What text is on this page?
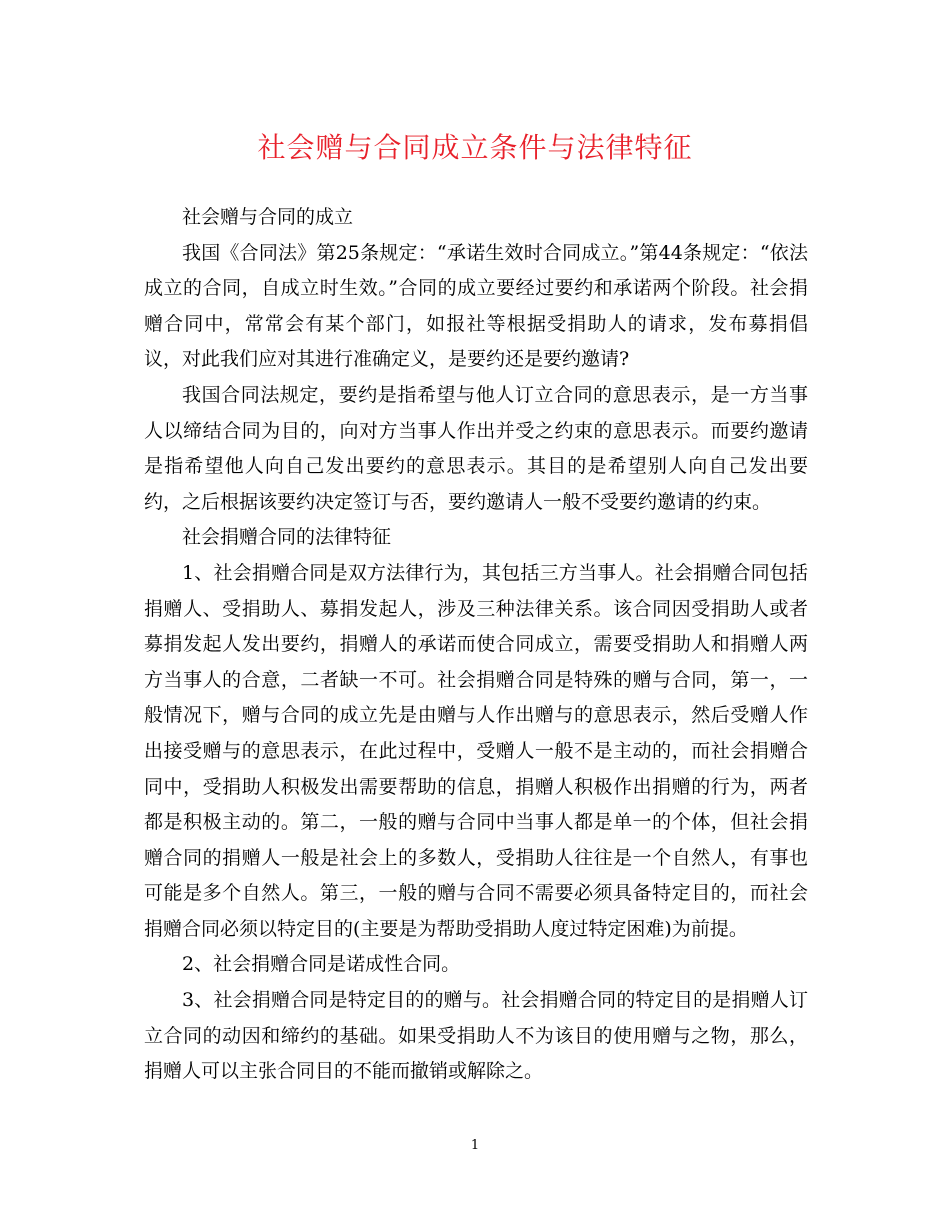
社会赠与合同成立条件与法律特征

社会赠与合同的成立

我国《合同法》第25条规定：“承诺生效时合同成立。”第44条规定：“依法成立的合同，自成立时生效。”合同的成立要经过要约和承诺两个阶段。社会捐赠合同中，常常会有某个部门，如报社等根据受捐助人的请求，发布募捐倡议，对此我们应对其进行准确定义，是要约还是要约邀请?

我国合同法规定，要约是指希望与他人订立合同的意思表示，是一方当事人以缔结合同为目的，向对方当事人作出并受之约束的意思表示。而要约邀请是指希望他人向自己发出要约的意思表示。其目的是希望别人向自己发出要约，之后根据该要约决定签订与否，要约邀请人一般不受要约邀请的约束。

社会捐赠合同的法律特征

1、社会捐赠合同是双方法律行为，其包括三方当事人。社会捐赠合同包括捐赠人、受捐助人、募捐发起人，涉及三种法律关系。该合同因受捐助人或者募捐发起人发出要约，捐赠人的承诺而使合同成立，需要受捐助人和捐赠人两方当事人的合意，二者缺一不可。社会捐赠合同是特殊的赠与合同，第一，一般情况下，赠与合同的成立先是由赠与人作出赠与的意思表示，然后受赠人作出接受赠与的意思表示，在此过程中，受赠人一般不是主动的，而社会捐赠合同中，受捐助人积极发出需要帮助的信息，捐赠人积极作出捐赠的行为，两者都是积极主动的。第二，一般的赠与合同中当事人都是单一的个体，但社会捐赠合同的捐赠人一般是社会上的多数人，受捐助人往往是一个自然人，有事也可能是多个自然人。第三，一般的赠与合同不需要必须具备特定目的，而社会捐赠合同必须以特定目的(主要是为帮助受捐助人度过特定困难)为前提。

2、社会捐赠合同是诺成性合同。

3、社会捐赠合同是特定目的的赠与。社会捐赠合同的特定目的是捐赠人订立合同的动因和缔约的基础。如果受捐助人不为该目的使用赠与之物，那么，捐赠人可以主张合同目的不能而撤销或解除之。

1
